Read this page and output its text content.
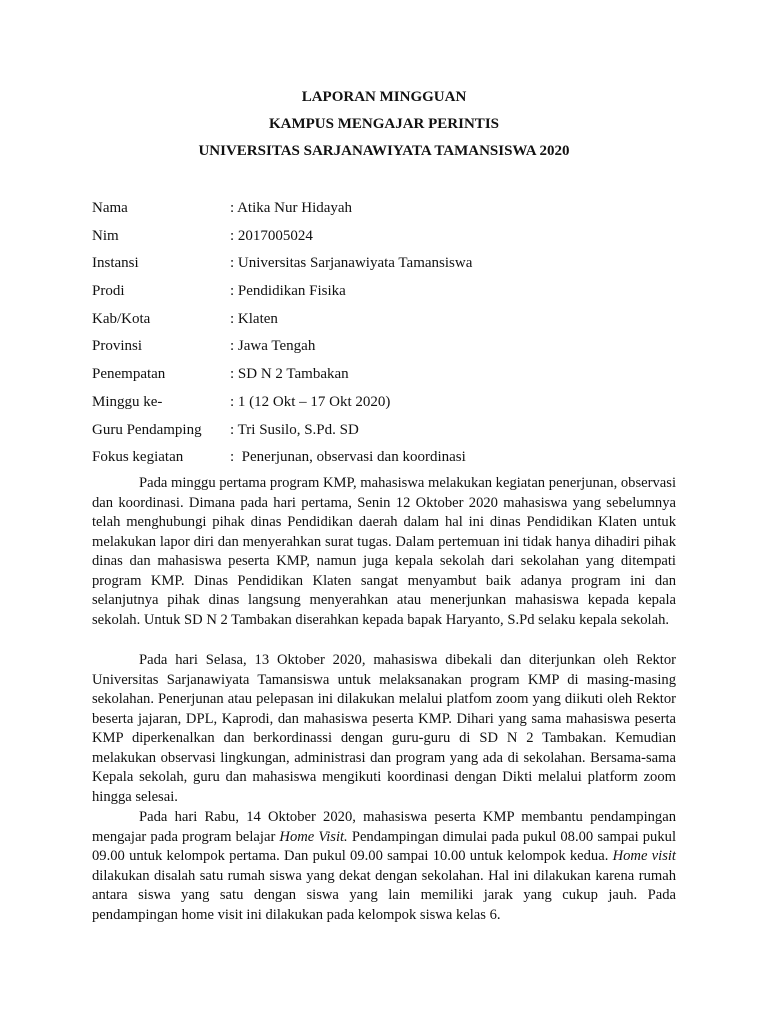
LAPORAN MINGGUAN
KAMPUS MENGAJAR PERINTIS
UNIVERSITAS SARJANAWIYATA TAMANSISWA 2020
Nama	: Atika Nur Hidayah
Nim	: 2017005024
Instansi	: Universitas Sarjanawiyata Tamansiswa
Prodi	: Pendidikan Fisika
Kab/Kota	: Klaten
Provinsi	: Jawa Tengah
Penempatan	: SD N 2 Tambakan
Minggu ke-	: 1 (12 Okt – 17 Okt 2020)
Guru Pendamping : Tri Susilo, S.Pd. SD
Fokus kegiatan	:  Penerjunan, observasi dan koordinasi

Pada minggu pertama program KMP, mahasiswa melakukan kegiatan penerjunan, observasi dan koordinasi. Dimana pada hari pertama, Senin 12 Oktober 2020 mahasiswa yang sebelumnya telah menghubungi pihak dinas Pendidikan daerah dalam hal ini dinas Pendidikan Klaten untuk melakukan lapor diri dan menyerahkan surat tugas. Dalam pertemuan ini tidak hanya dihadiri pihak dinas dan mahasiswa peserta KMP, namun juga kepala sekolah dari sekolahan yang ditempati program KMP. Dinas Pendidikan Klaten sangat menyambut baik adanya program ini dan selanjutnya pihak dinas langsung menyerahkan atau menerjunkan mahasiswa kepada kepala sekolah. Untuk SD N 2 Tambakan diserahkan kepada bapak Haryanto, S.Pd selaku kepala sekolah.

Pada hari Selasa, 13 Oktober 2020, mahasiswa dibekali dan diterjunkan oleh Rektor Universitas Sarjanawiyata Tamansiswa untuk melaksanakan program KMP di masing-masing sekolahan. Penerjunan atau pelepasan ini dilakukan melalui platfom zoom yang diikuti oleh Rektor beserta jajaran, DPL, Kaprodi, dan mahasiswa peserta KMP. Dihari yang sama mahasiswa peserta KMP diperkenalkan dan berkordinassi dengan guru-guru di SD N 2 Tambakan. Kemudian melakukan observasi lingkungan, administrasi dan program yang ada di sekolahan. Bersama-sama Kepala sekolah, guru dan mahasiswa mengikuti koordinasi dengan Dikti melalui platform zoom hingga selesai.

Pada hari Rabu, 14 Oktober 2020, mahasiswa peserta KMP membantu pendampingan mengajar pada program belajar Home Visit. Pendampingan dimulai pada pukul 08.00 sampai pukul 09.00 untuk kelompok pertama. Dan pukul 09.00 sampai 10.00 untuk kelompok kedua. Home visit dilakukan disalah satu rumah siswa yang dekat dengan sekolahan. Hal ini dilakukan karena rumah antara siswa yang satu dengan siswa yang lain memiliki jarak yang cukup jauh. Pada pendampingan home visit ini dilakukan pada kelompok siswa kelas 6.
